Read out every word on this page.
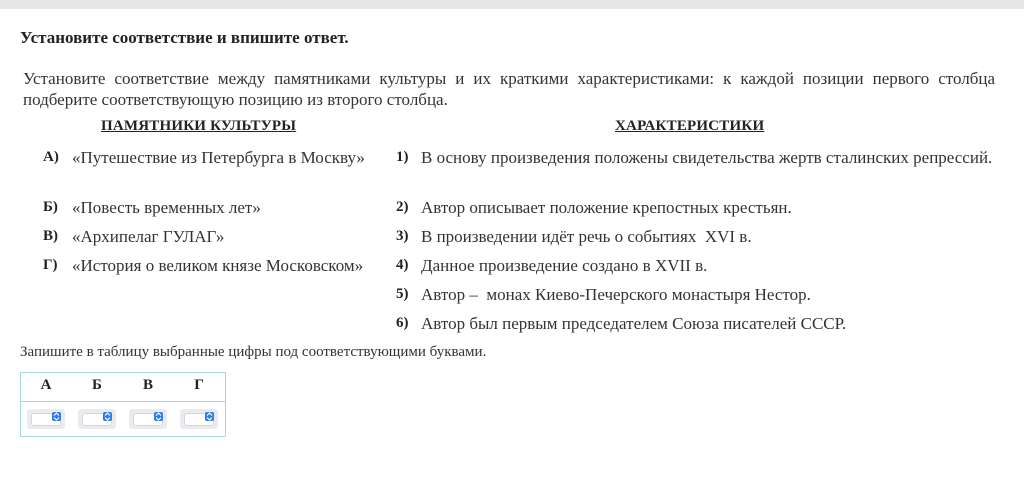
Установите соответствие и впишите ответ.
Установите соответствие между памятниками культуры и их краткими характеристиками: к каждой позиции первого столбца подберите соответствующую позицию из второго столбца.
ПАМЯТНИКИ КУЛЬТУРЫ	ХАРАКТЕРИСТИКИ
А) «Путешествие из Петербурга в Москву»
Б) «Повесть временных лет»
В) «Архипелаг ГУЛАГ»
Г) «История о великом князе Московском»
1) В основу произведения положены свидетельства жертв сталинских репрессий.
2) Автор описывает положение крепостных крестьян.
3) В произведении идёт речь о событиях  XVI в.
4) Данное произведение создано в XVII в.
5) Автор –  монах Киево-Печерского монастыря Нестор.
6) Автор был первым председателем Союза писателей СССР.
Запишите в таблицу выбранные цифры под соответствующими буквами.
А	Б	В	Г
